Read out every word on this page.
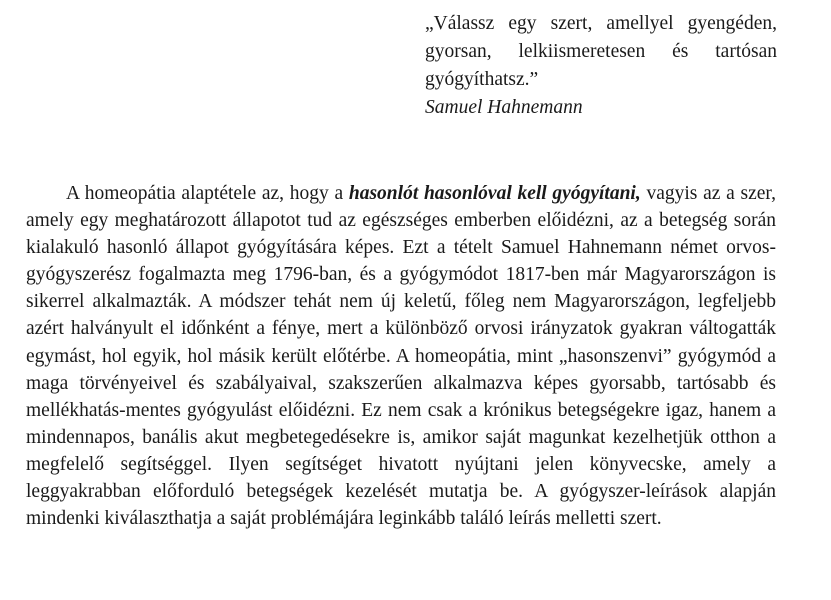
„Válassz egy szert, amellyel gyengéden, gyorsan, lelkiismeretesen és tartósan gyógyíthatsz.”

Samuel Hahnemann

A homeopátia alaptétele az, hogy a hasonlót hasonlóval kell gyógyítani, vagyis az a szer, amely egy meghatározott állapotot tud az egészséges emberben előidézni, az a betegség során kialakuló hasonló állapot gyógyítására képes. Ezt a tételt Samuel Hahnemann német orvos-gyógyszerész fogalmazta meg 1796-ban, és a gyógymódot 1817-ben már Magyarországon is sikerrel alkalmazták. A módszer tehát nem új keletű, főleg nem Magyarországon, legfeljebb azért halványult el időnként a fénye, mert a különböző orvosi irányzatok gyakran váltogatták egymást, hol egyik, hol másik került előtérbe. A homeopátia, mint „hasonszenvi” gyógymód a maga törvényeivel és szabályaival, szakszerűen alkalmazva képes gyorsabb, tartósabb és mellékhatás-mentes gyógyulást előidézni. Ez nem csak a krónikus betegségekre igaz, hanem a mindennapos, banális akut megbetegedésekre is, amikor saját magunkat kezelhetjük otthon a megfelelő segítséggel. Ilyen segítséget hivatott nyújtani jelen könyvecske, amely a leggyakrabban előforduló betegségek kezelését mutatja be. A gyógyszer-leírások alapján mindenki kiválaszthatja a saját problémájára leginkább találó leírás melletti szert.
